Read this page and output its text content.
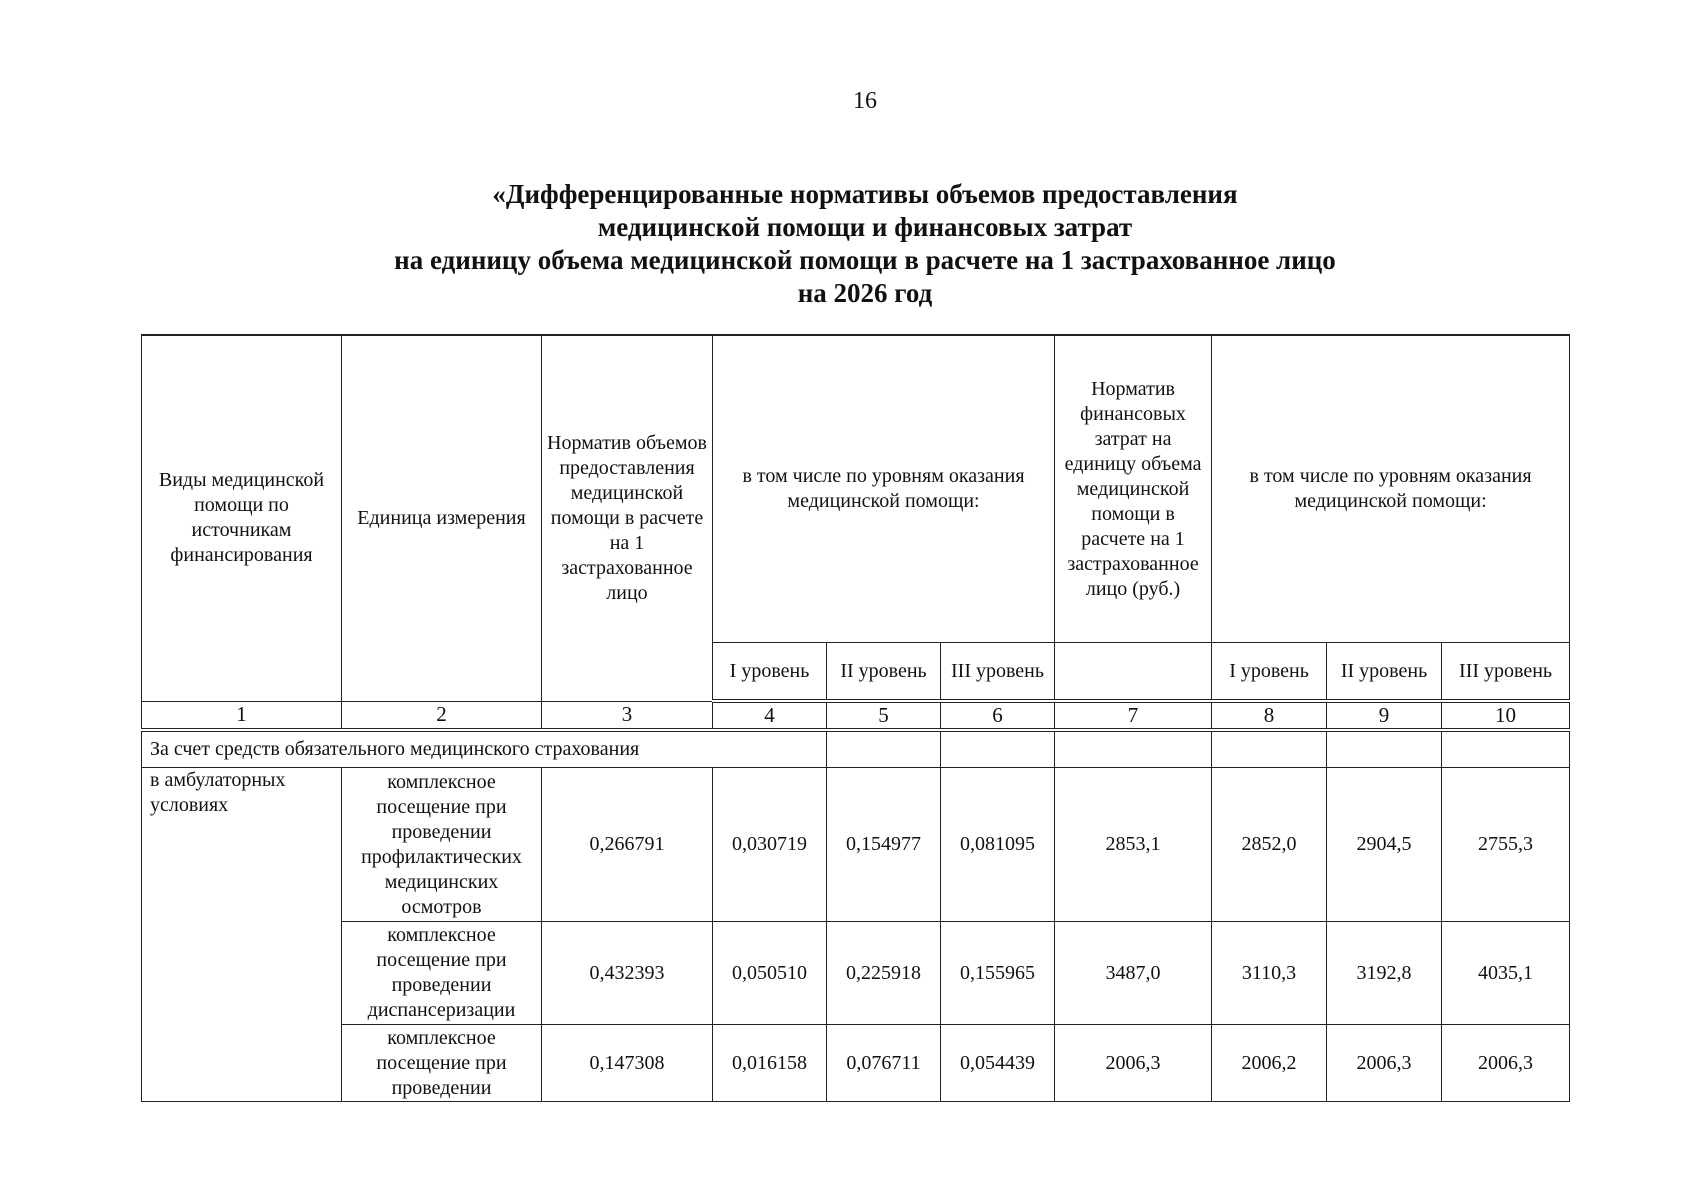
16
«Дифференцированные нормативы объемов предоставления
медицинской помощи и финансовых затрат
на единицу объема медицинской помощи в расчете на 1 застрахованное лицо
на 2026 год
Виды медицинской помощи по источникам финансирования	Единица измерения	Норматив объемов предоставления медицинской помощи в расчете на 1 застрахованное лицо	в том числе по уровням оказания медицинской помощи:			Норматив финансовых затрат на единицу объема медицинской помощи в расчете на 1 застрахованное лицо (руб.)	в том числе по уровням оказания медицинской помощи:		
			I уровень	II уровень	III уровень		I уровень	II уровень	III уровень
1	2	3	4	5	6	7	8	9	10
За счет средств обязательного медицинского страхования									
в амбулаторных условиях	комплексное посещение при проведении профилактических медицинских осмотров	0,266791	0,030719	0,154977	0,081095	2853,1	2852,0	2904,5	2755,3
	комплексное посещение при проведении диспансеризации	0,432393	0,050510	0,225918	0,155965	3487,0	3110,3	3192,8	4035,1
	комплексное посещение при проведении	0,147308	0,016158	0,076711	0,054439	2006,3	2006,2	2006,3	2006,3
